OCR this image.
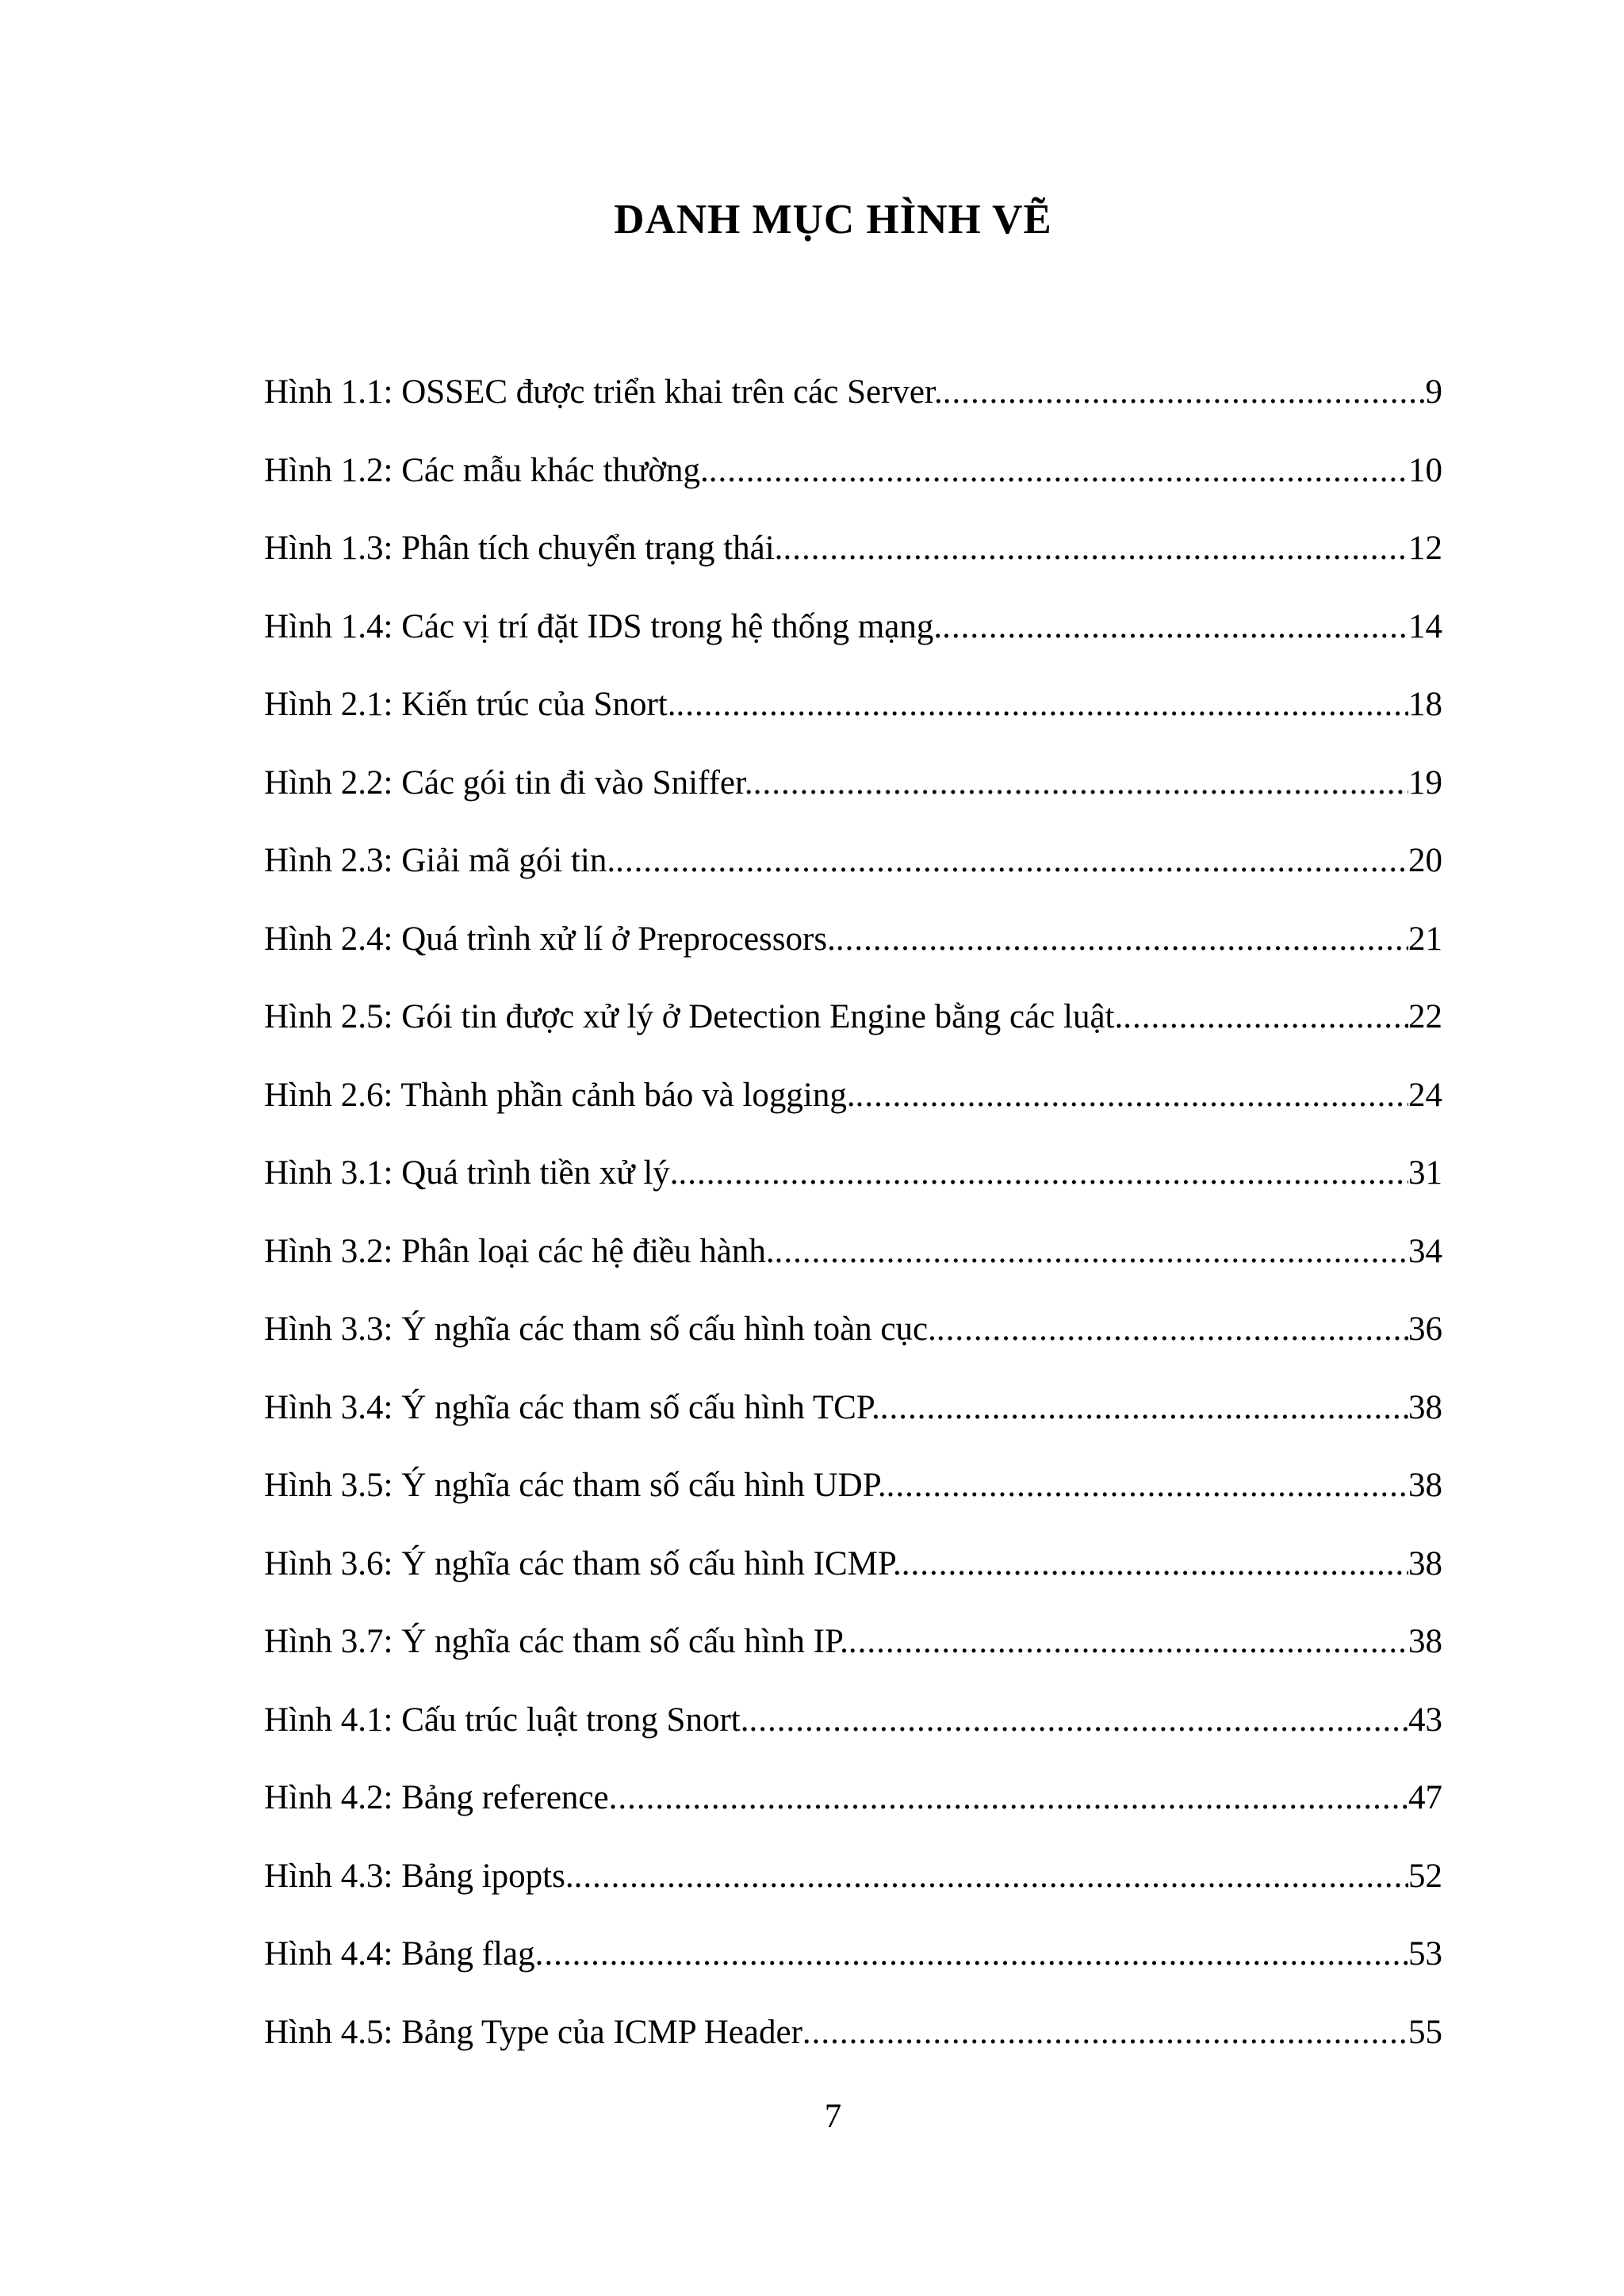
DANH MỤC HÌNH VẼ
Hình 1.1: OSSEC được triển khai trên các Server. .....	9
Hình 1.2: Các mẫu khác thường. .....	10
Hình 1.3: Phân tích chuyển trạng thái. .....	12
Hình 1.4: Các vị trí đặt IDS trong hệ thống mạng. .....	14
Hình 2.1: Kiến trúc của Snort. .....	18
Hình 2.2: Các gói tin đi vào Sniffer. .....	19
Hình 2.3: Giải mã gói tin. .....	20
Hình 2.4: Quá trình xử lí ở Preprocessors. .....	21
Hình 2.5: Gói tin được xử lý ở Detection Engine bằng các luật. .....	22
Hình 2.6: Thành phần cảnh báo và logging. .....	24
Hình 3.1: Quá trình tiền xử lý. .....	31
Hình 3.2: Phân loại các hệ điều hành. .....	34
Hình 3.3: Ý nghĩa các tham số cấu hình toàn cục. .....	36
Hình 3.4: Ý nghĩa các tham số cấu hình TCP. .....	38
Hình 3.5: Ý nghĩa các tham số cấu hình UDP. .....	38
Hình 3.6: Ý nghĩa các tham số cấu hình ICMP. .....	38
Hình 3.7: Ý nghĩa các tham số cấu hình IP. .....	38
Hình 4.1: Cấu trúc luật trong Snort. .....	43
Hình 4.2: Bảng reference .....	47
Hình 4.3: Bảng ipopts. .....	52
Hình 4.4: Bảng flag .....	53
Hình 4.5: Bảng Type của ICMP Header .....	55
7
